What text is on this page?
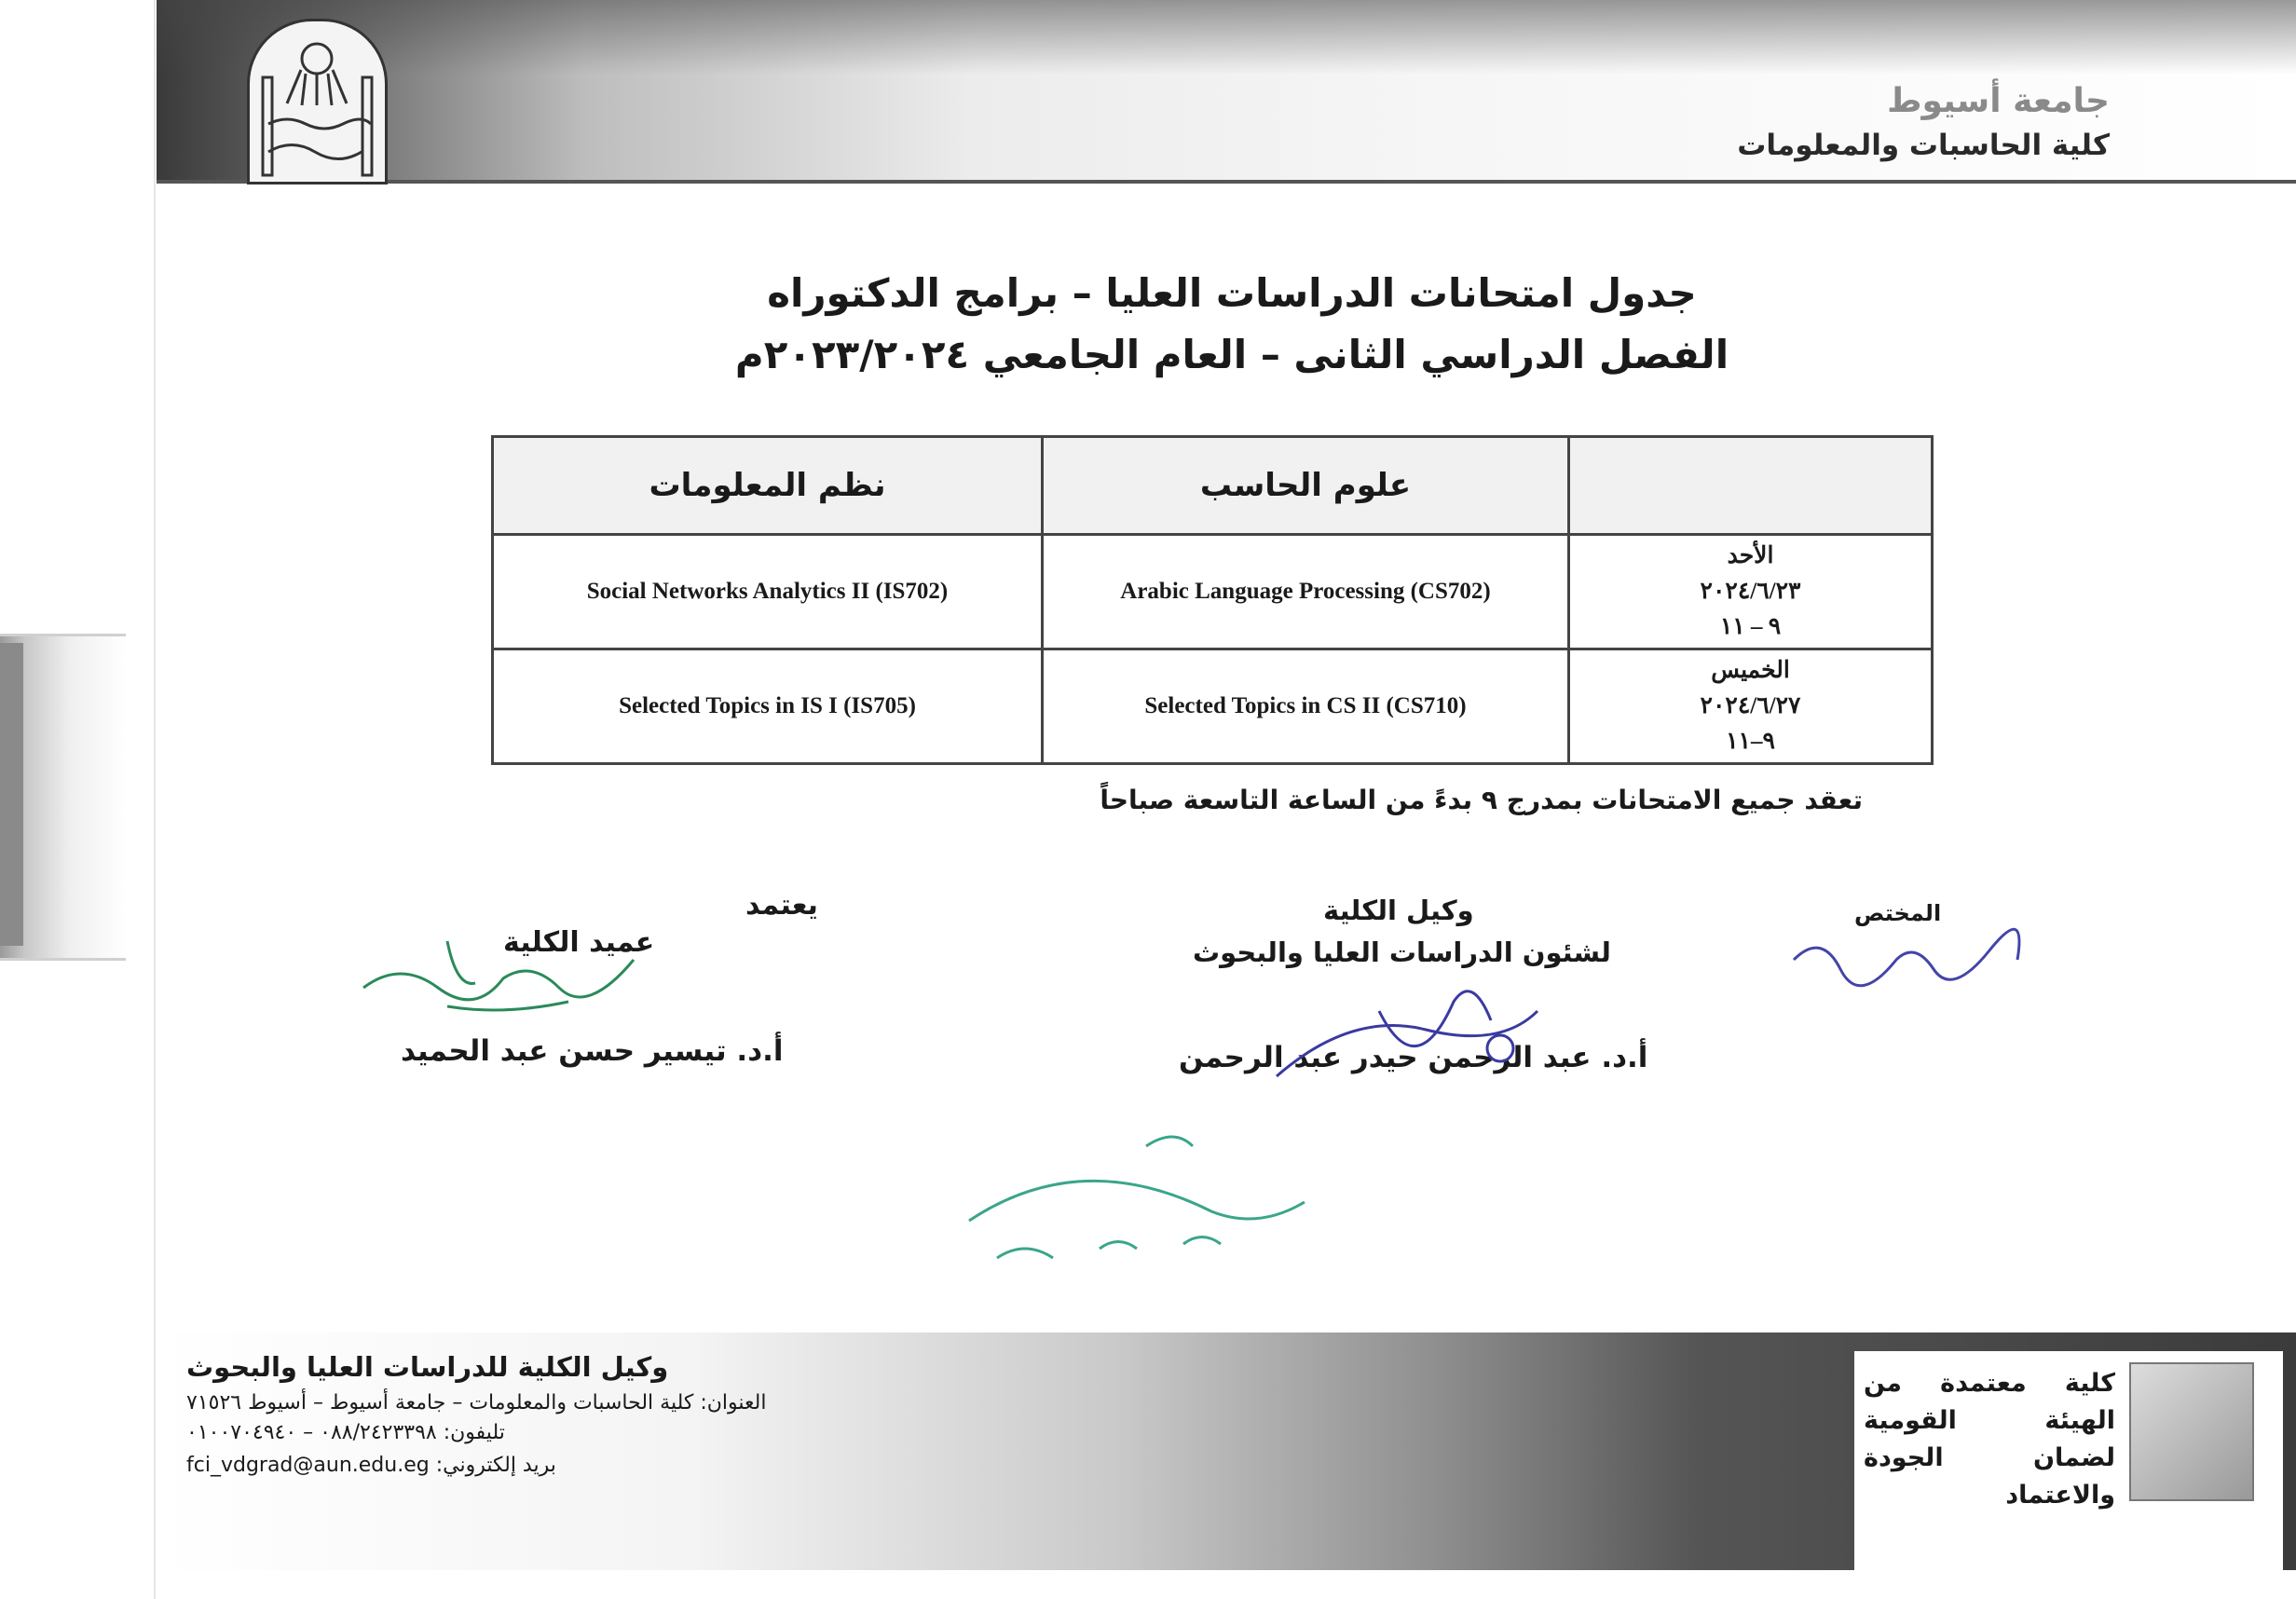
جامعة أسيوط
كلية الحاسبات والمعلومات
جدول امتحانات الدراسات العليا – برامج الدكتوراه
الفصل الدراسي الثانى – العام الجامعي ٢٠٢٣/٢٠٢٤م
	علوم الحاسب	نظم المعلومات

الأحد
٢٠٢٤/٦/٢٣
٩ – ١١	Arabic Language Processing (CS702)	Social Networks Analytics II (IS702)

الخميس
٢٠٢٤/٦/٢٧
٩–١١	Selected Topics in CS II (CS710)	Selected Topics in IS I (IS705)
تعقد جميع الامتحانات بمدرج ٩ بدءً من الساعة التاسعة صباحاً
يعتمد
عميد الكلية
أ.د. تيسير حسن عبد الحميد
وكيل الكلية
لشئون الدراسات العليا والبحوث
أ.د. عبد الرحمن حيدر عبد الرحمن
المختص
وكيل الكلية للدراسات العليا والبحوث
العنوان: كلية الحاسبات والمعلومات – جامعة أسيوط – أسيوط ٧١٥٢٦
تليفون: ٠٨٨/٢٤٢٣٣٩٨ – ٠١٠٠٧٠٤٩٤٠
بريد إلكتروني: fci_vdgrad@aun.edu.eg
كلية معتمدة من الهيئة القومية لضمان الجودة والاعتماد
